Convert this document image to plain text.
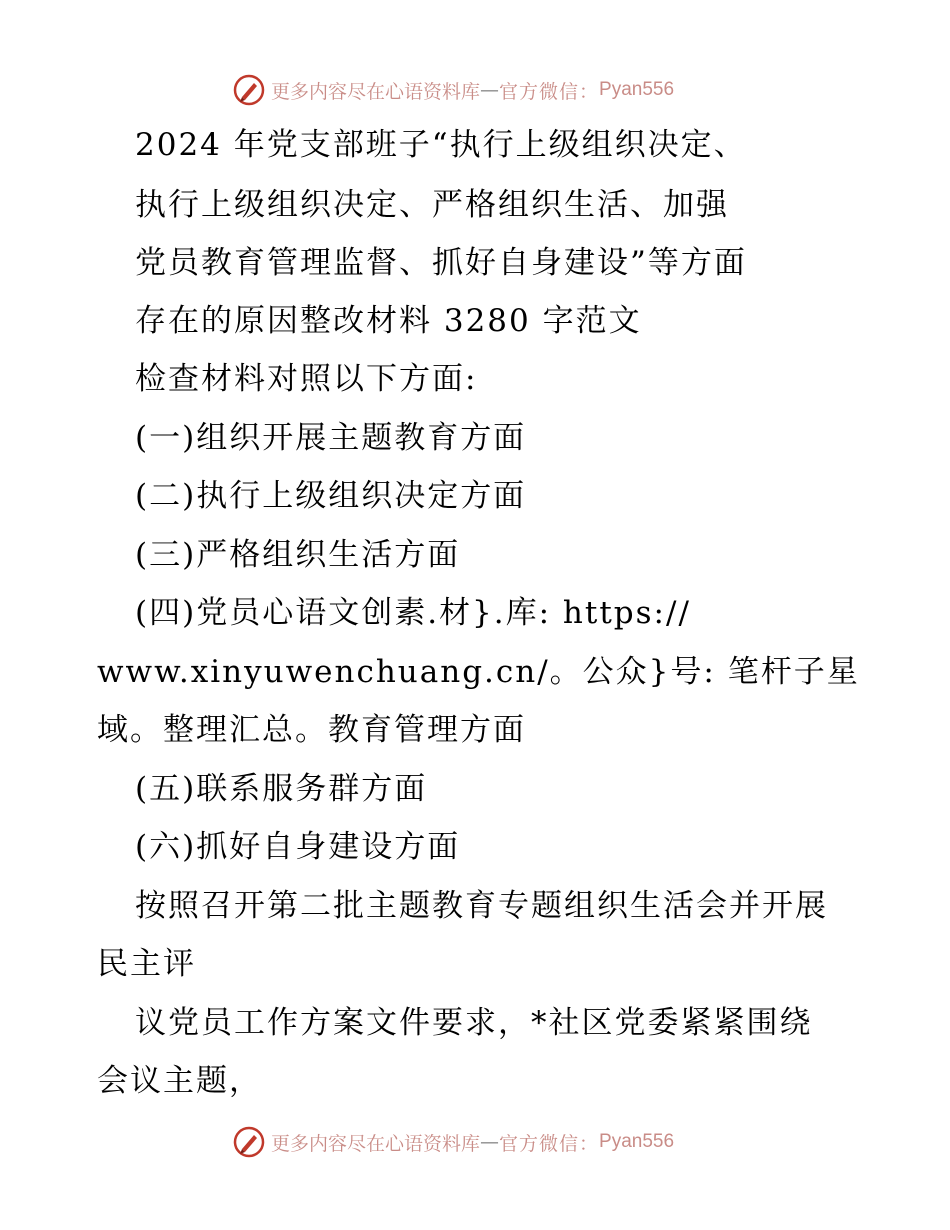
更多内容尽在心语资料库 — 官方微信： Pyan556
2024 年党支部班子“执行上级组织决定、
执行上级组织决定、严格组织生活、加强
党员教育管理监督、抓好自身建设”等方面
存在的原因整改材料 3280 字范文
检查材料对照以下方面:
(一)组织开展主题教育方面
(二)执行上级组织决定方面
(三)严格组织生活方面
(四)党员心语文创素.材}.库: https://
www.xinyuwenchuang.cn/。公众}号: 笔杆子星
域。整理汇总。教育管理方面
(五)联系服务群方面
(六)抓好自身建设方面
按照召开第二批主题教育专题组织生活会并开展
民主评
议党员工作方案文件要求，*社区党委紧紧围绕
会议主题，
更多内容尽在心语资料库 — 官方微信： Pyan556
